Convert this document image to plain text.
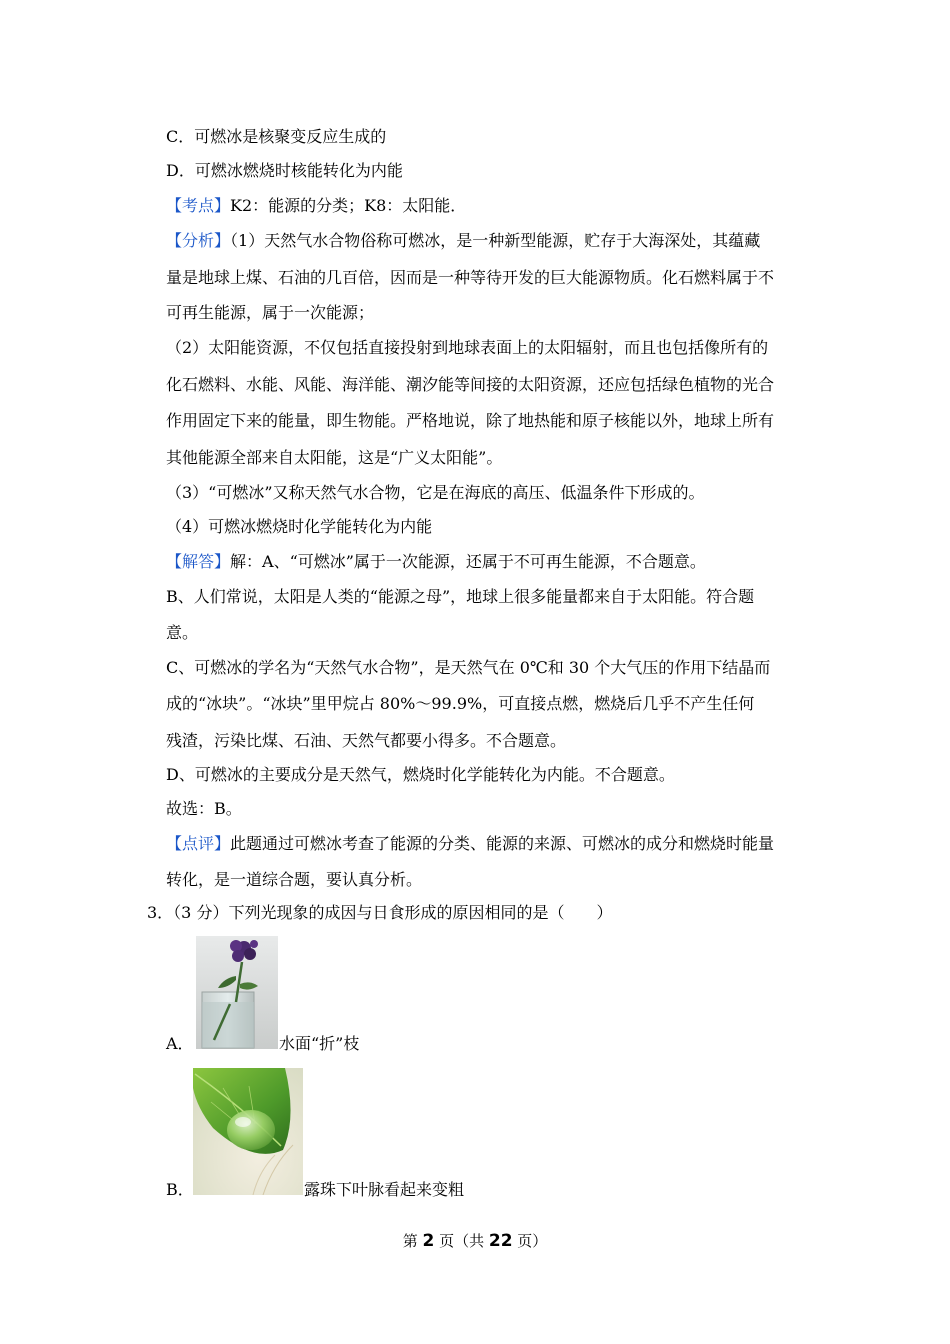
C．可燃冰是核聚变反应生成的
D．可燃冰燃烧时核能转化为内能
【考点】K2：能源的分类；K8：太阳能．
【分析】（1）天然气水合物俗称可燃冰，是一种新型能源，贮存于大海深处，其蕴藏
量是地球上煤、石油的几百倍，因而是一种等待开发的巨大能源物质。化石燃料属于不
可再生能源，属于一次能源；
（2）太阳能资源，不仅包括直接投射到地球表面上的太阳辐射，而且也包括像所有的
化石燃料、水能、风能、海洋能、潮汐能等间接的太阳资源，还应包括绿色植物的光合
作用固定下来的能量，即生物能。严格地说，除了地热能和原子核能以外，地球上所有
其他能源全部来自太阳能，这是“广义太阳能”。
（3）“可燃冰”又称天然气水合物，它是在海底的高压、低温条件下形成的。
（4）可燃冰燃烧时化学能转化为内能
【解答】解：A、“可燃冰”属于一次能源，还属于不可再生能源，不合题意。
B、人们常说，太阳是人类的“能源之母”，地球上很多能量都来自于太阳能。符合题
意。
C、可燃冰的学名为“天然气水合物”，是天然气在 0℃和 30 个大气压的作用下结晶而
成的“冰块”。“冰块”里甲烷占 80%～99.9%，可直接点燃，燃烧后几乎不产生任何
残渣，污染比煤、石油、天然气都要小得多。不合题意。
D、可燃冰的主要成分是天然气，燃烧时化学能转化为内能。不合题意。
故选：B。
【点评】此题通过可燃冰考查了能源的分类、能源的来源、可燃冰的成分和燃烧时能量
转化，是一道综合题，要认真分析。
3．（3 分）下列光现象的成因与日食形成的原因相同的是（　　）
A．	水面“折”枝
B．	露珠下叶脉看起来变粗
第 2 页（共 22 页）
